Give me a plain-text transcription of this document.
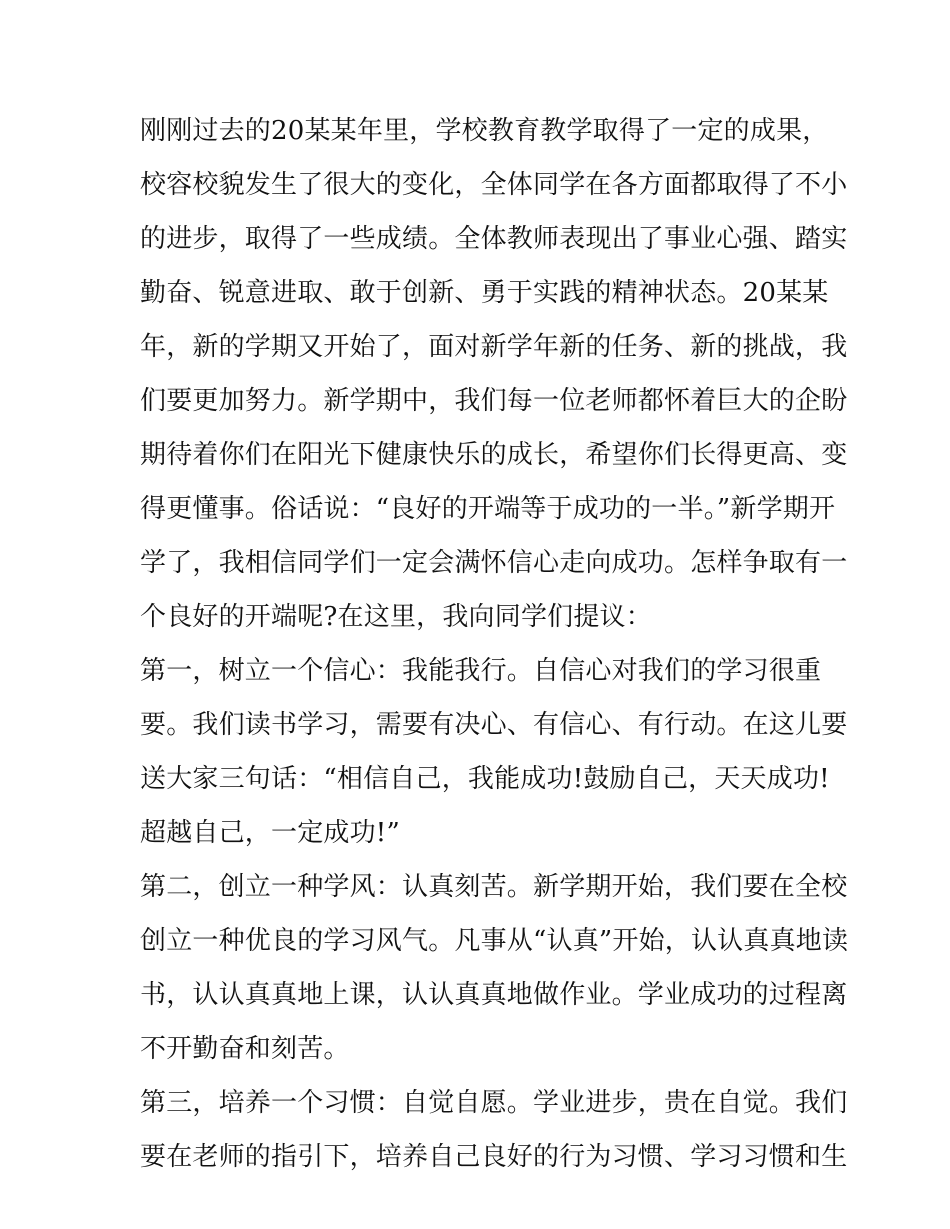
刚刚过去的20某某年里，学校教育教学取得了一定的成果，
校容校貌发生了很大的变化，全体同学在各方面都取得了不小
的进步，取得了一些成绩。全体教师表现出了事业心强、踏实
勤奋、锐意进取、敢于创新、勇于实践的精神状态。20某某
年，新的学期又开始了，面对新学年新的任务、新的挑战，我
们要更加努力。新学期中，我们每一位老师都怀着巨大的企盼
期待着你们在阳光下健康快乐的成长，希望你们长得更高、变
得更懂事。俗话说：“良好的开端等于成功的一半。”新学期开
学了，我相信同学们一定会满怀信心走向成功。怎样争取有一
个良好的开端呢?在这里，我向同学们提议：
第一，树立一个信心：我能我行。自信心对我们的学习很重
要。我们读书学习，需要有决心、有信心、有行动。在这儿要
送大家三句话：“相信自己，我能成功!鼓励自己，天天成功!
超越自己，一定成功!”
第二，创立一种学风：认真刻苦。新学期开始，我们要在全校
创立一种优良的学习风气。凡事从“认真”开始，认认真真地读
书，认认真真地上课，认认真真地做作业。学业成功的过程离
不开勤奋和刻苦。
第三，培养一个习惯：自觉自愿。学业进步，贵在自觉。我们
要在老师的指引下，培养自己良好的行为习惯、学习习惯和生
